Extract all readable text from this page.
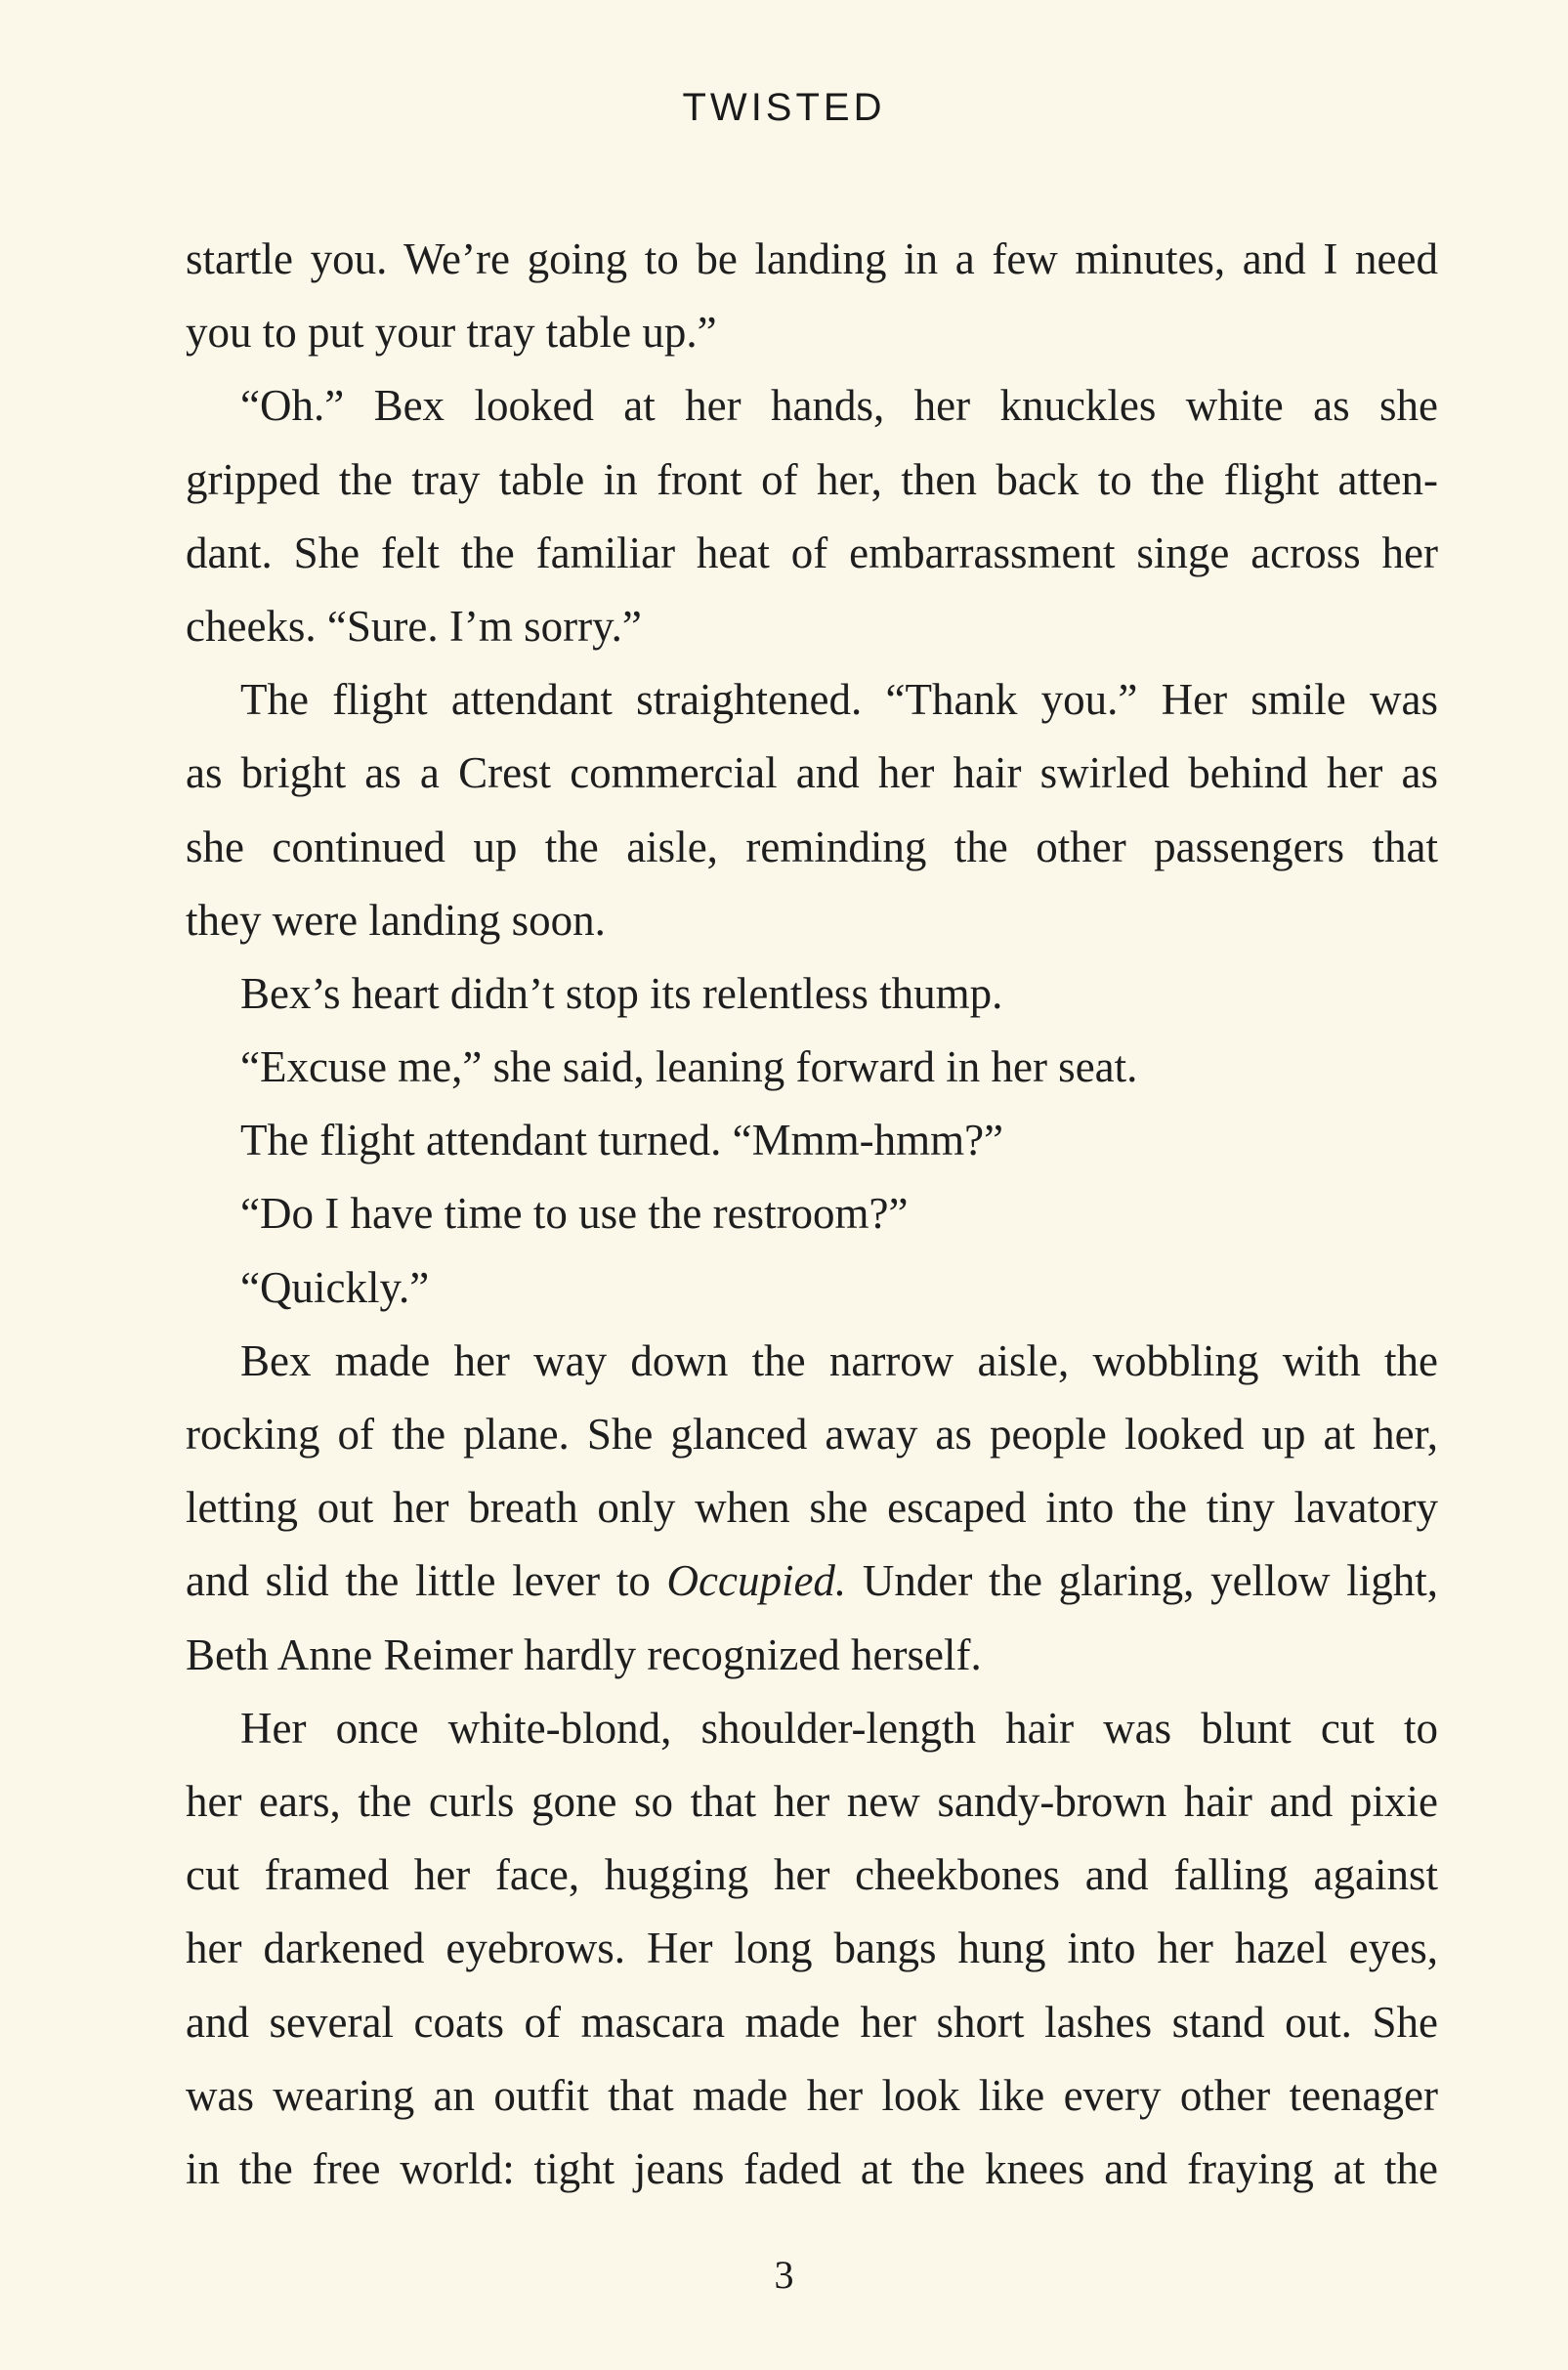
TWISTED
startle you. We’re going to be landing in a few minutes, and I need
you to put your tray table up.”
“Oh.” Bex looked at her hands, her knuckles white as she
gripped the tray table in front of her, then back to the flight atten-
dant. She felt the familiar heat of embarrassment singe across her
cheeks. “Sure. I’m sorry.”
The flight attendant straightened. “Thank you.” Her smile was
as bright as a Crest commercial and her hair swirled behind her as
she continued up the aisle, reminding the other passengers that
they were landing soon.
Bex’s heart didn’t stop its relentless thump.
“Excuse me,” she said, leaning forward in her seat.
The flight attendant turned. “Mmm-hmm?”
“Do I have time to use the restroom?”
“Quickly.”
Bex made her way down the narrow aisle, wobbling with the
rocking of the plane. She glanced away as people looked up at her,
letting out her breath only when she escaped into the tiny lavatory
and slid the little lever to Occupied. Under the glaring, yellow light,
Beth Anne Reimer hardly recognized herself.
Her once white-blond, shoulder-length hair was blunt cut to
her ears, the curls gone so that her new sandy-brown hair and pixie
cut framed her face, hugging her cheekbones and falling against
her darkened eyebrows. Her long bangs hung into her hazel eyes,
and several coats of mascara made her short lashes stand out. She
was wearing an outfit that made her look like every other teenager
in the free world: tight jeans faded at the knees and fraying at the
3
